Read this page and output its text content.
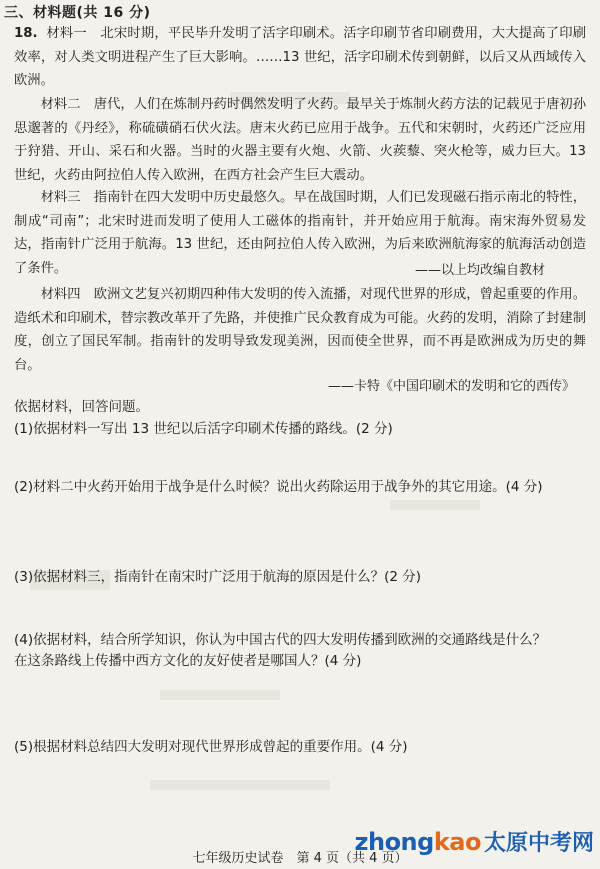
三、材料题(共 16 分)

18. 材料一　北宋时期，平民毕升发明了活字印刷术。活字印刷节省印刷费用，大大提高了印刷效率，对人类文明进程产生了巨大影响。……13 世纪，活字印刷术传到朝鲜，以后又从西域传入欧洲。

材料二　唐代，人们在炼制丹药时偶然发明了火药。最早关于炼制火药方法的记载见于唐初孙思邈著的《丹经》，称硫磺硝石伏火法。唐末火药已应用于战争。五代和宋朝时，火药还广泛应用于狩猎、开山、采石和火器。当时的火器主要有火炮、火箭、火蒺藜、突火枪等，威力巨大。13 世纪，火药由阿拉伯人传入欧洲，在西方社会产生巨大震动。

材料三　指南针在四大发明中历史最悠久。早在战国时期，人们已发现磁石指示南北的特性，制成“司南”；北宋时进而发明了使用人工磁体的指南针，并开始应用于航海。南宋海外贸易发达，指南针广泛用于航海。13 世纪，还由阿拉伯人传入欧洲，为后来欧洲航海家的航海活动创造了条件。	——以上均改编自教材

材料四　欧洲文艺复兴初期四种伟大发明的传入流播，对现代世界的形成，曾起重要的作用。造纸术和印刷术，替宗教改革开了先路，并使推广民众教育成为可能。火药的发明，消除了封建制度，创立了国民军制。指南针的发明导致发现美洲，因而使全世界，而不再是欧洲成为历史的舞台。

——卡特《中国印刷术的发明和它的西传》

依据材料，回答问题。

(1)依据材料一写出 13 世纪以后活字印刷术传播的路线。(2 分)

(2)材料二中火药开始用于战争是什么时候？说出火药除运用于战争外的其它用途。(4 分)

(3)依据材料三，指南针在南宋时广泛用于航海的原因是什么？(2 分)

(4)依据材料，结合所学知识，你认为中国古代的四大发明传播到欧洲的交通路线是什么？

在这条路线上传播中西方文化的友好使者是哪国人？(4 分)

(5)根据材料总结四大发明对现代世界形成曾起的重要作用。(4 分)

七年级历史试卷　第 4 页（共 4 页）
zhongkao 太原中考网
